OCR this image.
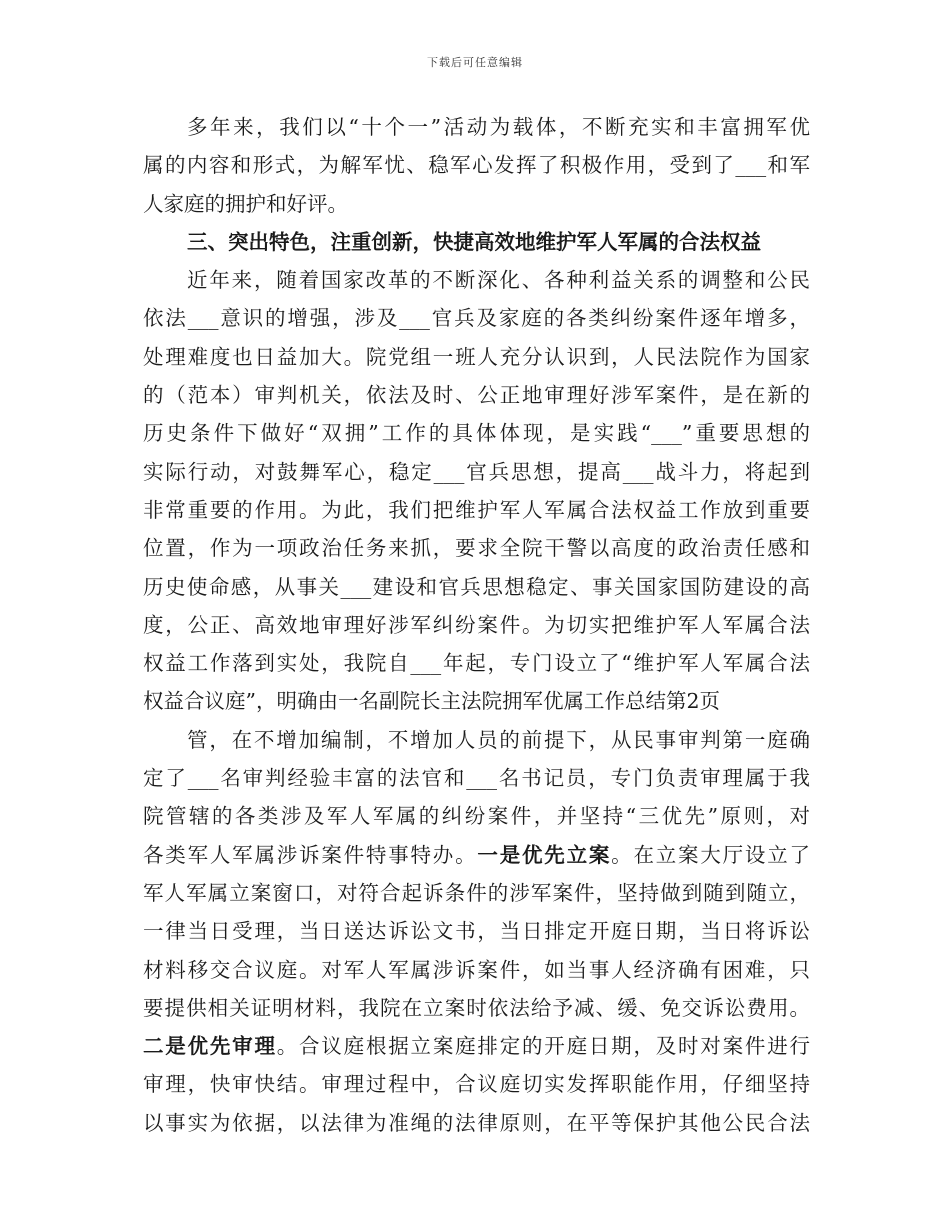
下载后可任意编辑
多年来，我们以“十个一”活动为载体，不断充实和丰富拥军优
属的内容和形式，为解军忧、稳军心发挥了积极作用，受到了___和军
人家庭的拥护和好评。
三、突出特色，注重创新，快捷高效地维护军人军属的合法权益
近年来，随着国家改革的不断深化、各种利益关系的调整和公民
依法___意识的增强，涉及___官兵及家庭的各类纠纷案件逐年增多，
处理难度也日益加大。院党组一班人充分认识到，人民法院作为国家
的（范本）审判机关，依法及时、公正地审理好涉军案件，是在新的
历史条件下做好“双拥”工作的具体体现，是实践“___”重要思想的
实际行动，对鼓舞军心，稳定___官兵思想，提高___战斗力，将起到
非常重要的作用。为此，我们把维护军人军属合法权益工作放到重要
位置，作为一项政治任务来抓，要求全院干警以高度的政治责任感和
历史使命感，从事关___建设和官兵思想稳定、事关国家国防建设的高
度，公正、高效地审理好涉军纠纷案件。为切实把维护军人军属合法
权益工作落到实处，我院自___年起，专门设立了“维护军人军属合法
权益合议庭”，明确由一名副院长主法院拥军优属工作总结第2页
管，在不增加编制，不增加人员的前提下，从民事审判第一庭确
定了___名审判经验丰富的法官和___名书记员，专门负责审理属于我
院管辖的各类涉及军人军属的纠纷案件，并坚持“三优先”原则，对
各类军人军属涉诉案件特事特办。一是优先立案。在立案大厅设立了
军人军属立案窗口，对符合起诉条件的涉军案件，坚持做到随到随立，
一律当日受理，当日送达诉讼文书，当日排定开庭日期，当日将诉讼
材料移交合议庭。对军人军属涉诉案件，如当事人经济确有困难，只
要提供相关证明材料，我院在立案时依法给予减、缓、免交诉讼费用。
二是优先审理。合议庭根据立案庭排定的开庭日期，及时对案件进行
审理，快审快结。审理过程中，合议庭切实发挥职能作用，仔细坚持
以事实为依据，以法律为准绳的法律原则，在平等保护其他公民合法
